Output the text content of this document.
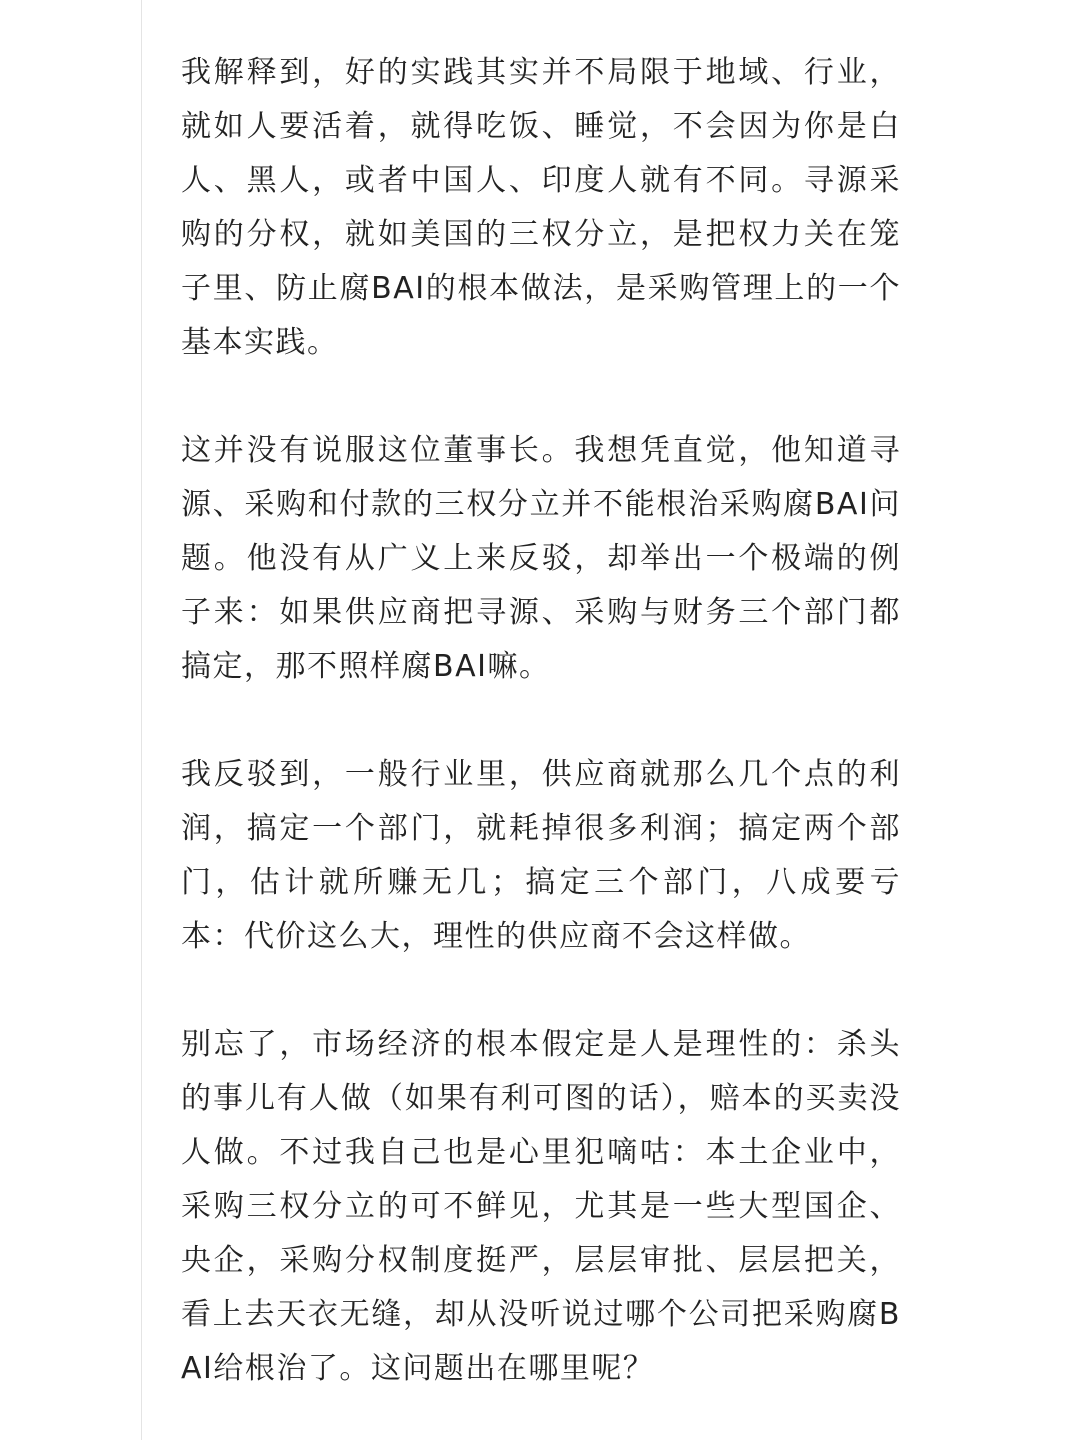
我解释到，好的实践其实并不局限于地域、行业，就如人要活着，就得吃饭、睡觉，不会因为你是白人、黑人，或者中国人、印度人就有不同。寻源采购的分权，就如美国的三权分立，是把权力关在笼子里、防止腐BAI的根本做法，是采购管理上的一个基本实践。

这并没有说服这位董事长。我想凭直觉，他知道寻源、采购和付款的三权分立并不能根治采购腐BAI问题。他没有从广义上来反驳，却举出一个极端的例子来：如果供应商把寻源、采购与财务三个部门都搞定，那不照样腐BAI嘛。

我反驳到，一般行业里，供应商就那么几个点的利润，搞定一个部门，就耗掉很多利润；搞定两个部门，估计就所赚无几；搞定三个部门，八成要亏本：代价这么大，理性的供应商不会这样做。

别忘了，市场经济的根本假定是人是理性的：杀头的事儿有人做（如果有利可图的话），赔本的买卖没人做。不过我自己也是心里犯嘀咕：本土企业中，采购三权分立的可不鲜见，尤其是一些大型国企、央企，采购分权制度挺严，层层审批、层层把关，看上去天衣无缝，却从没听说过哪个公司把采购腐BAI给根治了。这问题出在哪里呢？
